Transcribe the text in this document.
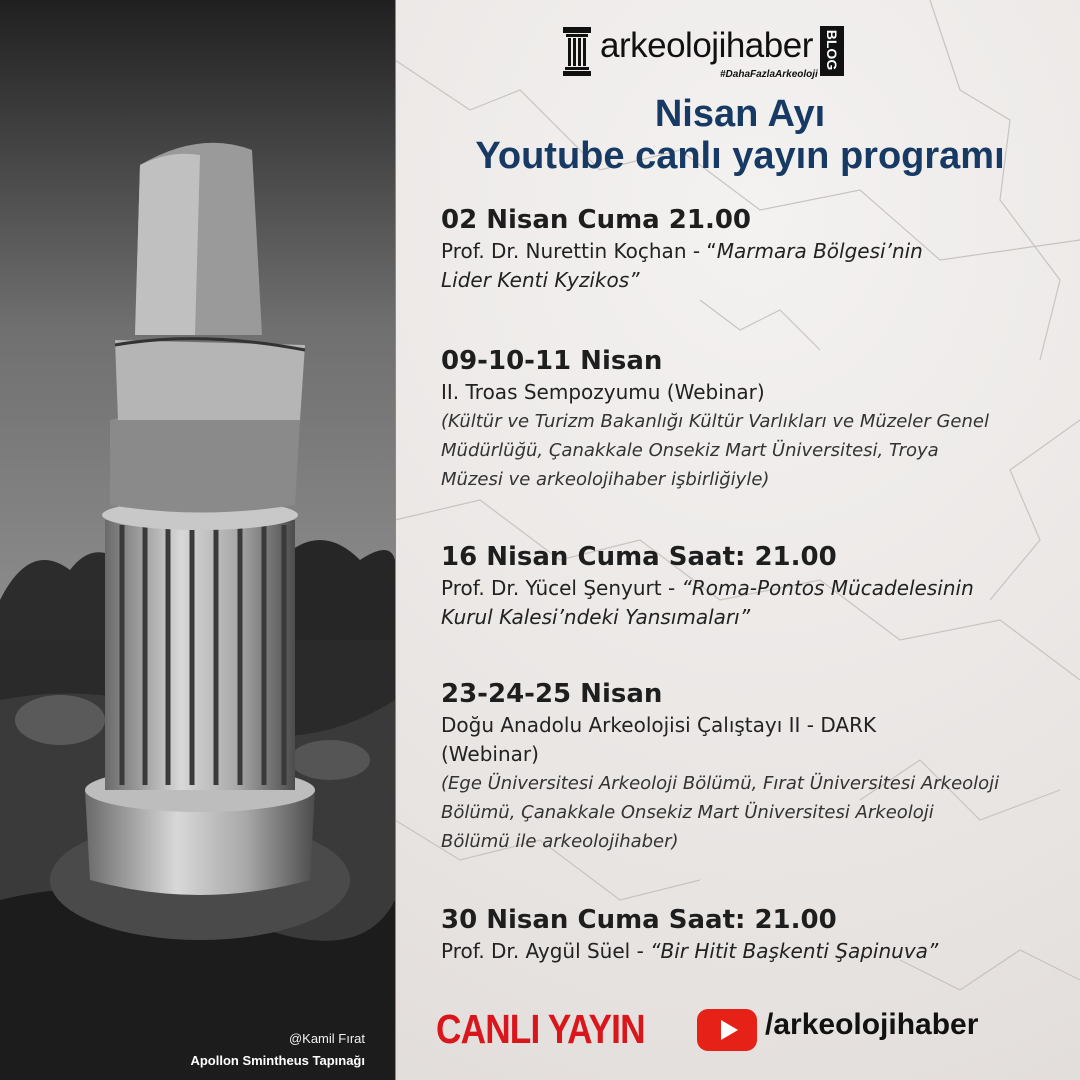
@Kamil Fırat
Apollon Smintheus Tapınağı
arkeolojihaber BLOG
#DahaFazlaArkeoloji
Nisan Ayı
Youtube canlı yayın programı
02 Nisan Cuma 21.00
Prof. Dr. Nurettin Koçhan - “Marmara Bölgesi’nin
Lider Kenti Kyzikos”
09-10-11 Nisan
II. Troas Sempozyumu (Webinar)
(Kültür ve Turizm Bakanlığı Kültür Varlıkları ve Müzeler Genel
Müdürlüğü, Çanakkale Onsekiz Mart Üniversitesi, Troya
Müzesi ve arkeolojihaber işbirliğiyle)
16 Nisan Cuma Saat: 21.00
Prof. Dr. Yücel Şenyurt - “Roma-Pontos Mücadelesinin
Kurul Kalesi’ndeki Yansımaları”
23-24-25 Nisan
Doğu Anadolu Arkeolojisi Çalıştayı II - DARK
(Webinar)
(Ege Üniversitesi Arkeoloji Bölümü, Fırat Üniversitesi Arkeoloji
Bölümü, Çanakkale Onsekiz Mart Üniversitesi Arkeoloji
Bölümü ile arkeolojihaber)
30 Nisan Cuma Saat: 21.00
Prof. Dr. Aygül Süel - “Bir Hitit Başkenti Şapinuva”
CANLI YAYIN	/arkeolojihaber
